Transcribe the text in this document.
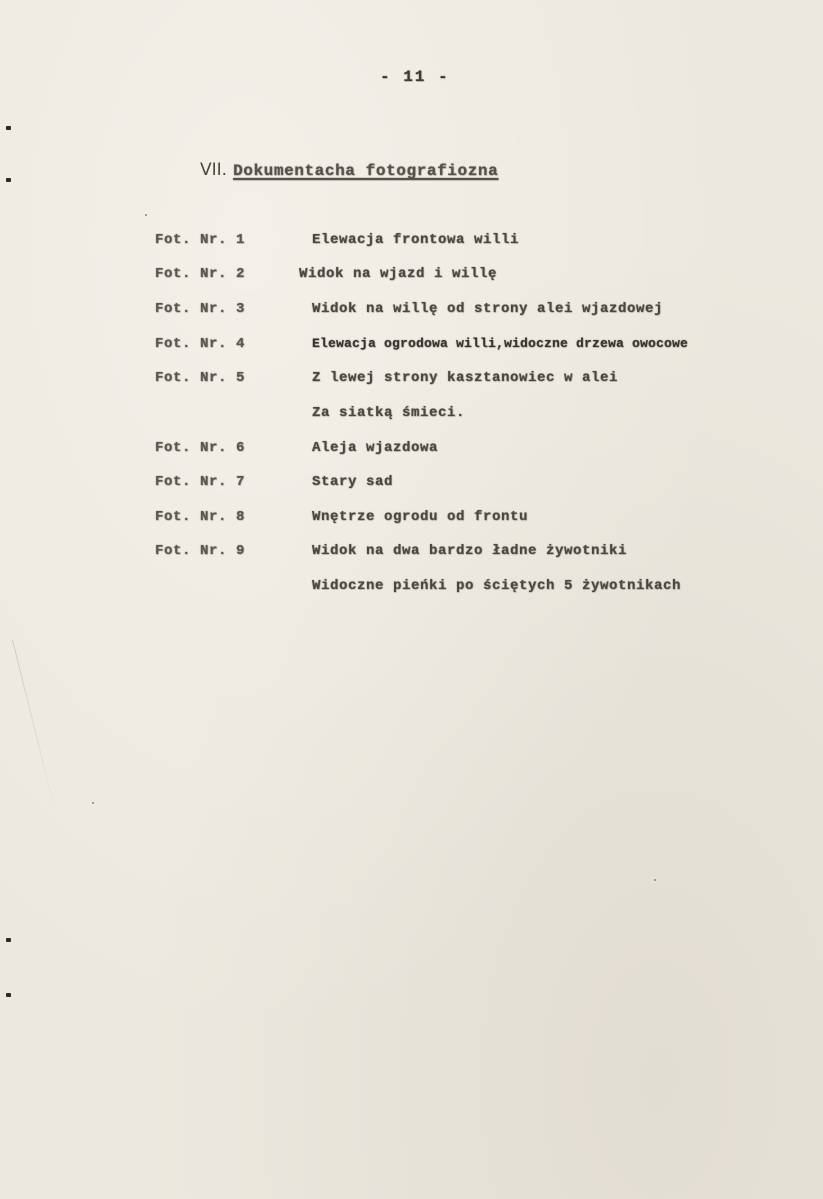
- 11 -
VII. Dokumentacha fotografiozna
Fot. Nr. 1	Elewacja frontowa willi
Fot. Nr. 2	Widok na wjazd i willę
Fot. Nr. 3	Widok na willę od strony alei wjazdowej
Fot. Nr. 4	Elewacja ogrodowa willi,widoczne drzewa owocowe
Fot. Nr. 5	Z lewej strony kasztanowiec w alei
Za siatką śmieci.
Fot. Nr. 6	Aleja wjazdowa
Fot. Nr. 7	Stary sad
Fot. Nr. 8	Wnętrze ogrodu od frontu
Fot. Nr. 9	Widok na dwa bardzo ładne żywotniki
Widoczne pieńki po ściętych 5 żywotnikach
